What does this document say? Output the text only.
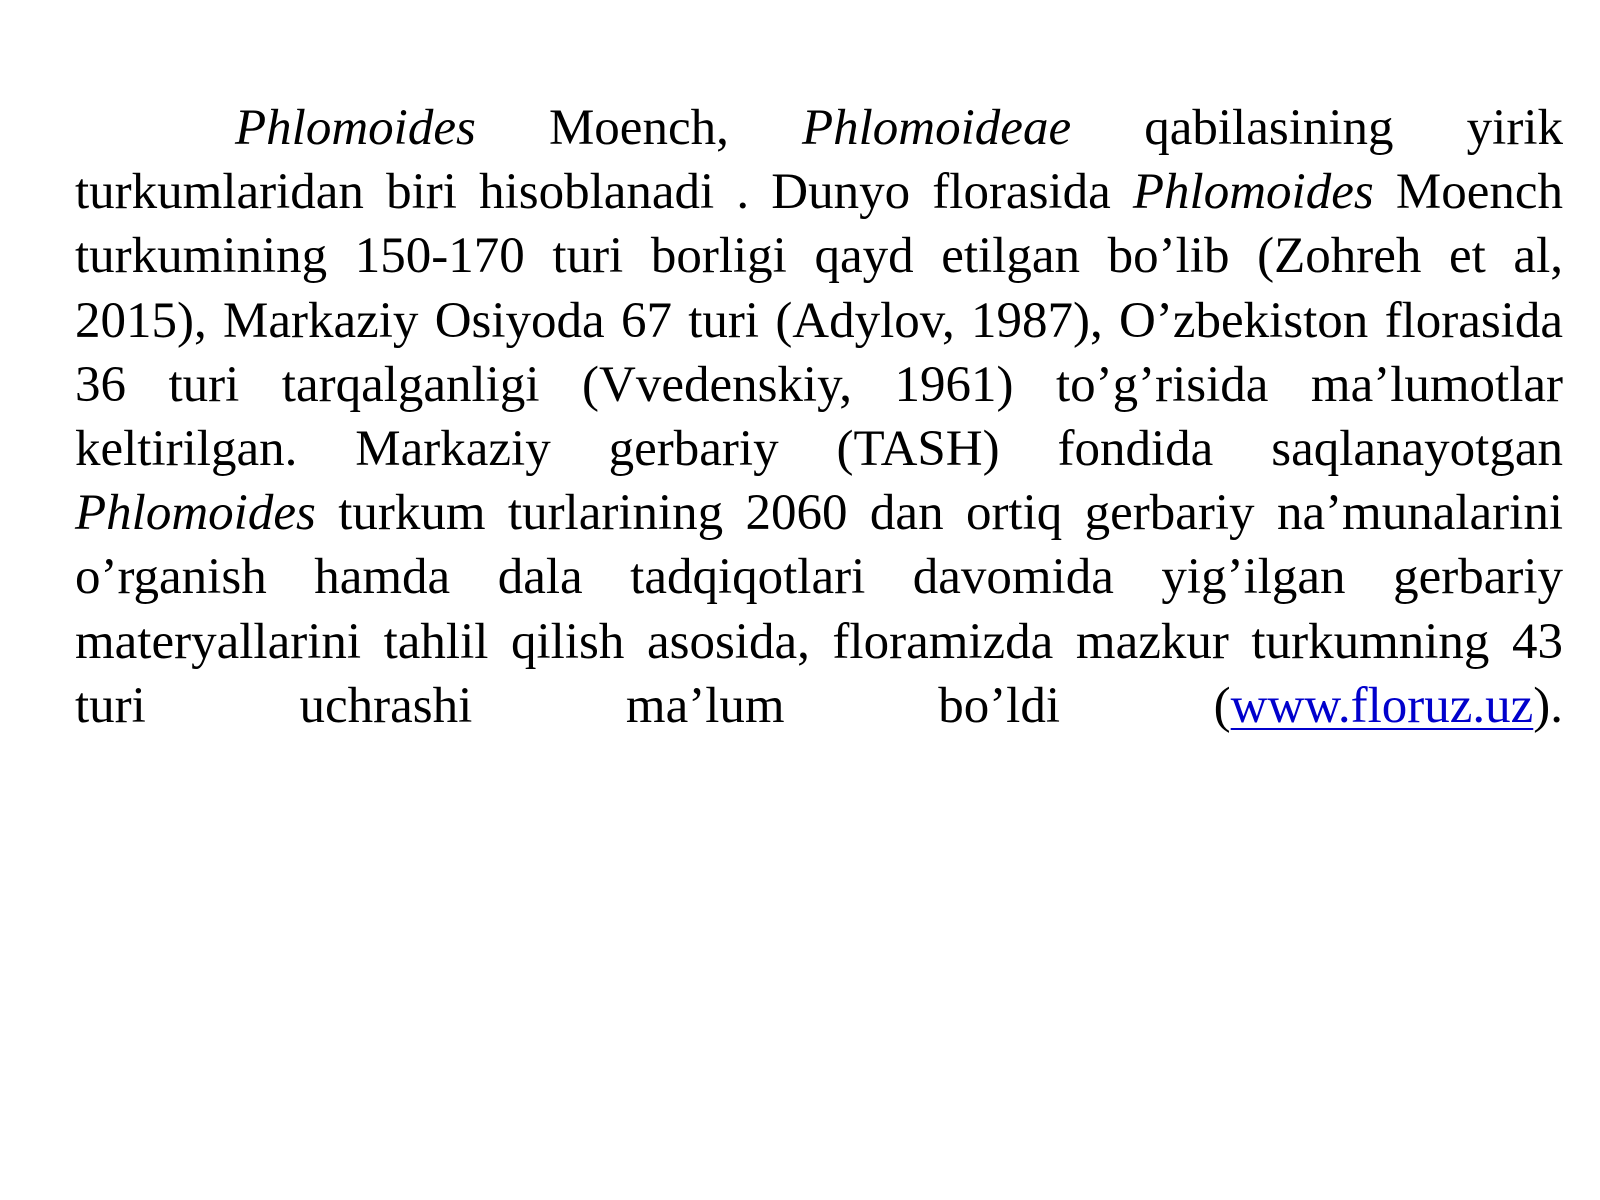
Phlomoides Moench, Phlomoideae qabilasining yirik turkumlaridan biri hisoblanadi . Dunyo florasida Phlomoides Moench turkumining 150-170 turi borligi qayd etilgan bo’lib (Zohreh et al, 2015), Markaziy Osiyoda 67 turi (Adylov, 1987), O’zbekiston florasida 36 turi tarqalganligi (Vvedenskiy, 1961) to’g’risida ma’lumotlar keltirilgan. Markaziy gerbariy (TASH) fondida saqlanayotgan Phlomoides turkum turlarining 2060 dan ortiq gerbariy na’munalarini o’rganish hamda dala tadqiqotlari davomida yig’ilgan gerbariy materyallarini tahlil qilish asosida, floramizda mazkur turkumning 43 turi uchrashi ma’lum bo’ldi (www.floruz.uz).
